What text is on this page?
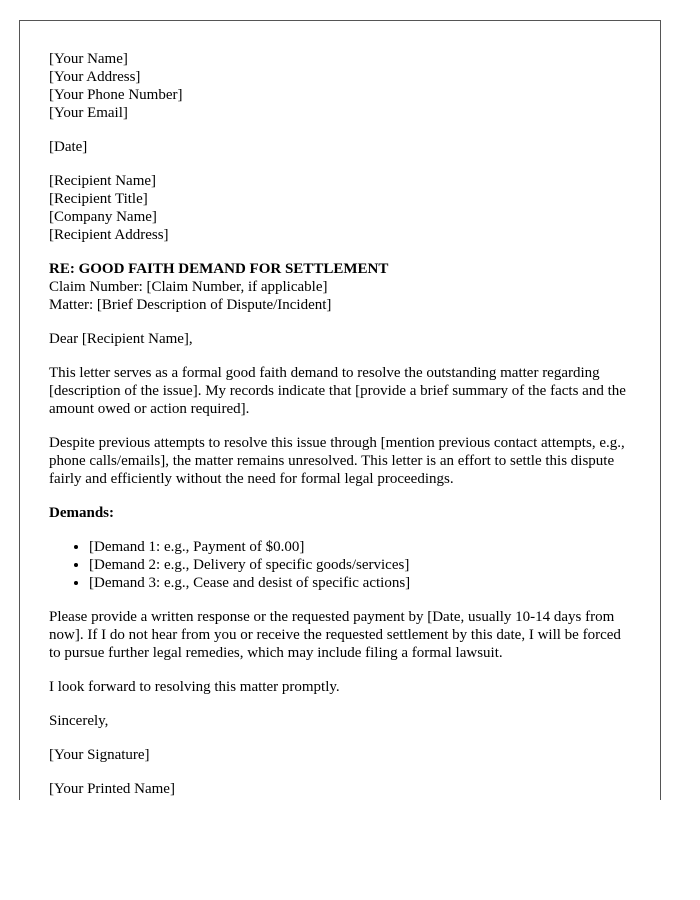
[Your Name]
[Your Address]
[Your Phone Number]
[Your Email]
[Date]
[Recipient Name]
[Recipient Title]
[Company Name]
[Recipient Address]
RE: GOOD FAITH DEMAND FOR SETTLEMENT
Claim Number: [Claim Number, if applicable]
Matter: [Brief Description of Dispute/Incident]

Dear [Recipient Name],

This letter serves as a formal good faith demand to resolve the outstanding matter regarding [description of the issue]. My records indicate that [provide a brief summary of the facts and the amount owed or action required].

Despite previous attempts to resolve this issue through [mention previous contact attempts, e.g., phone calls/emails], the matter remains unresolved. This letter is an effort to settle this dispute fairly and efficiently without the need for formal legal proceedings.

Demands:

• [Demand 1: e.g., Payment of $0.00]
• [Demand 2: e.g., Delivery of specific goods/services]
• [Demand 3: e.g., Cease and desist of specific actions]

Please provide a written response or the requested payment by [Date, usually 10-14 days from now]. If I do not hear from you or receive the requested settlement by this date, I will be forced to pursue further legal remedies, which may include filing a formal lawsuit.

I look forward to resolving this matter promptly.

Sincerely,

[Your Signature]

[Your Printed Name]
